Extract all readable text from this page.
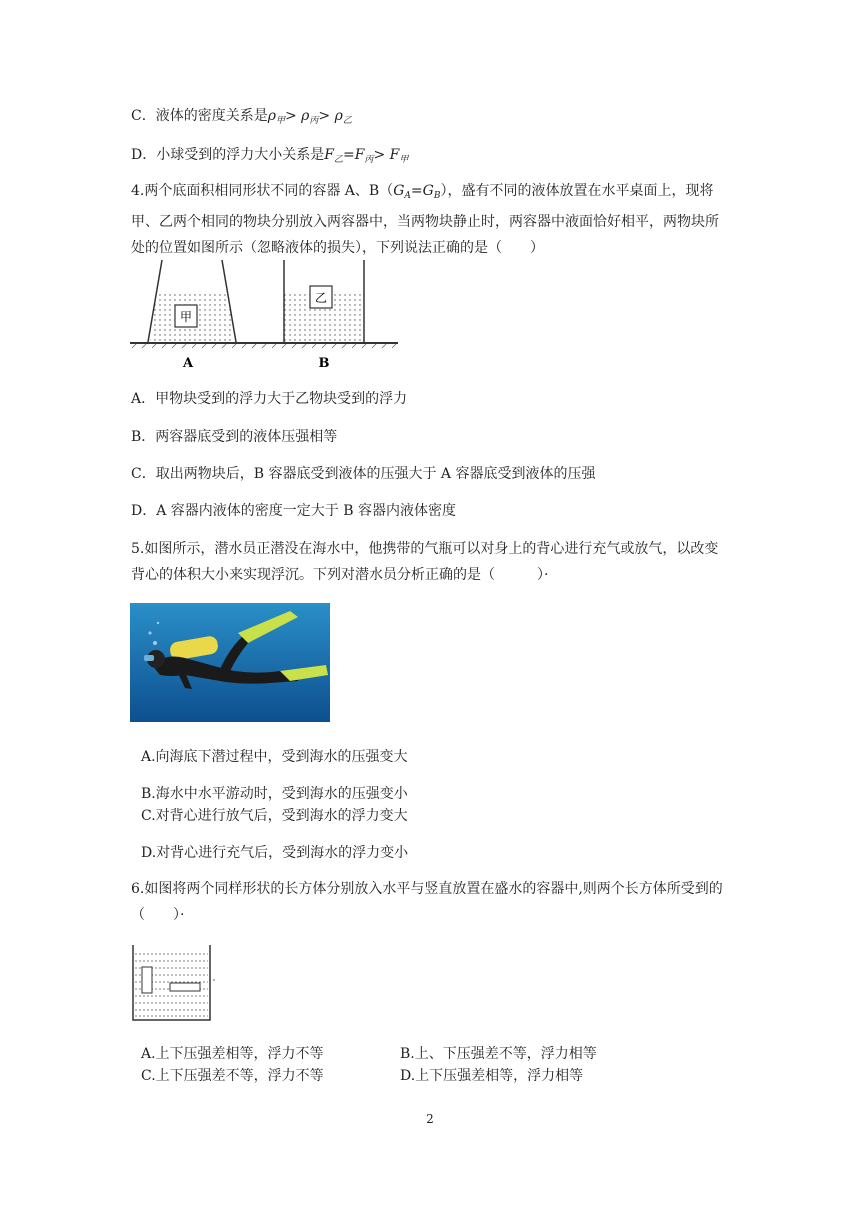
C．液体的密度关系是$\rho_甲> \rho_丙> \rho_乙$
D．小球受到的浮力大小关系是$F_乙=F_丙> F_甲$
4.两个底面积相同形状不同的容器 A、$B(G_A=G_B)$，盛有不同的液体放置在水平桌面上，现将甲、乙两个相同的物块分别放入两容器中，当两物块静止时，两容器中液面恰好相平，两物块所处的位置如图所示（忽略液体的损失），下列说法正确的是（　　）
甲
乙
A	B
A．甲物块受到的浮力大于乙物块受到的浮力
B．两容器底受到的液体压强相等
C．取出两物块后，B 容器底受到液体的压强大于 A 容器底受到液体的压强
D．A 容器内液体的密度一定大于 B 容器内液体密度
5.如图所示，潜水员正潜没在海水中，他携带的气瓶可以对身上的背心进行充气或放气，以改变背心的体积大小来实现浮沉。下列对潜水员分析正确的是（　　　）·
A.向海底下潜过程中，受到海水的压强变大
B.海水中水平游动时，受到海水的压强变小
C.对背心进行放气后，受到海水的浮力变大
D.对背心进行充气后，受到海水的浮力变小
6.如图将两个同样形状的长方体分别放入水平与竖直放置在盛水的容器中,则两个长方体所受到的（　　）·
A.上下压强差相等，浮力不等	B.上、下压强差不等，浮力相等
C.上下压强差不等，浮力不等	D.上下压强差相等，浮力相等
2
